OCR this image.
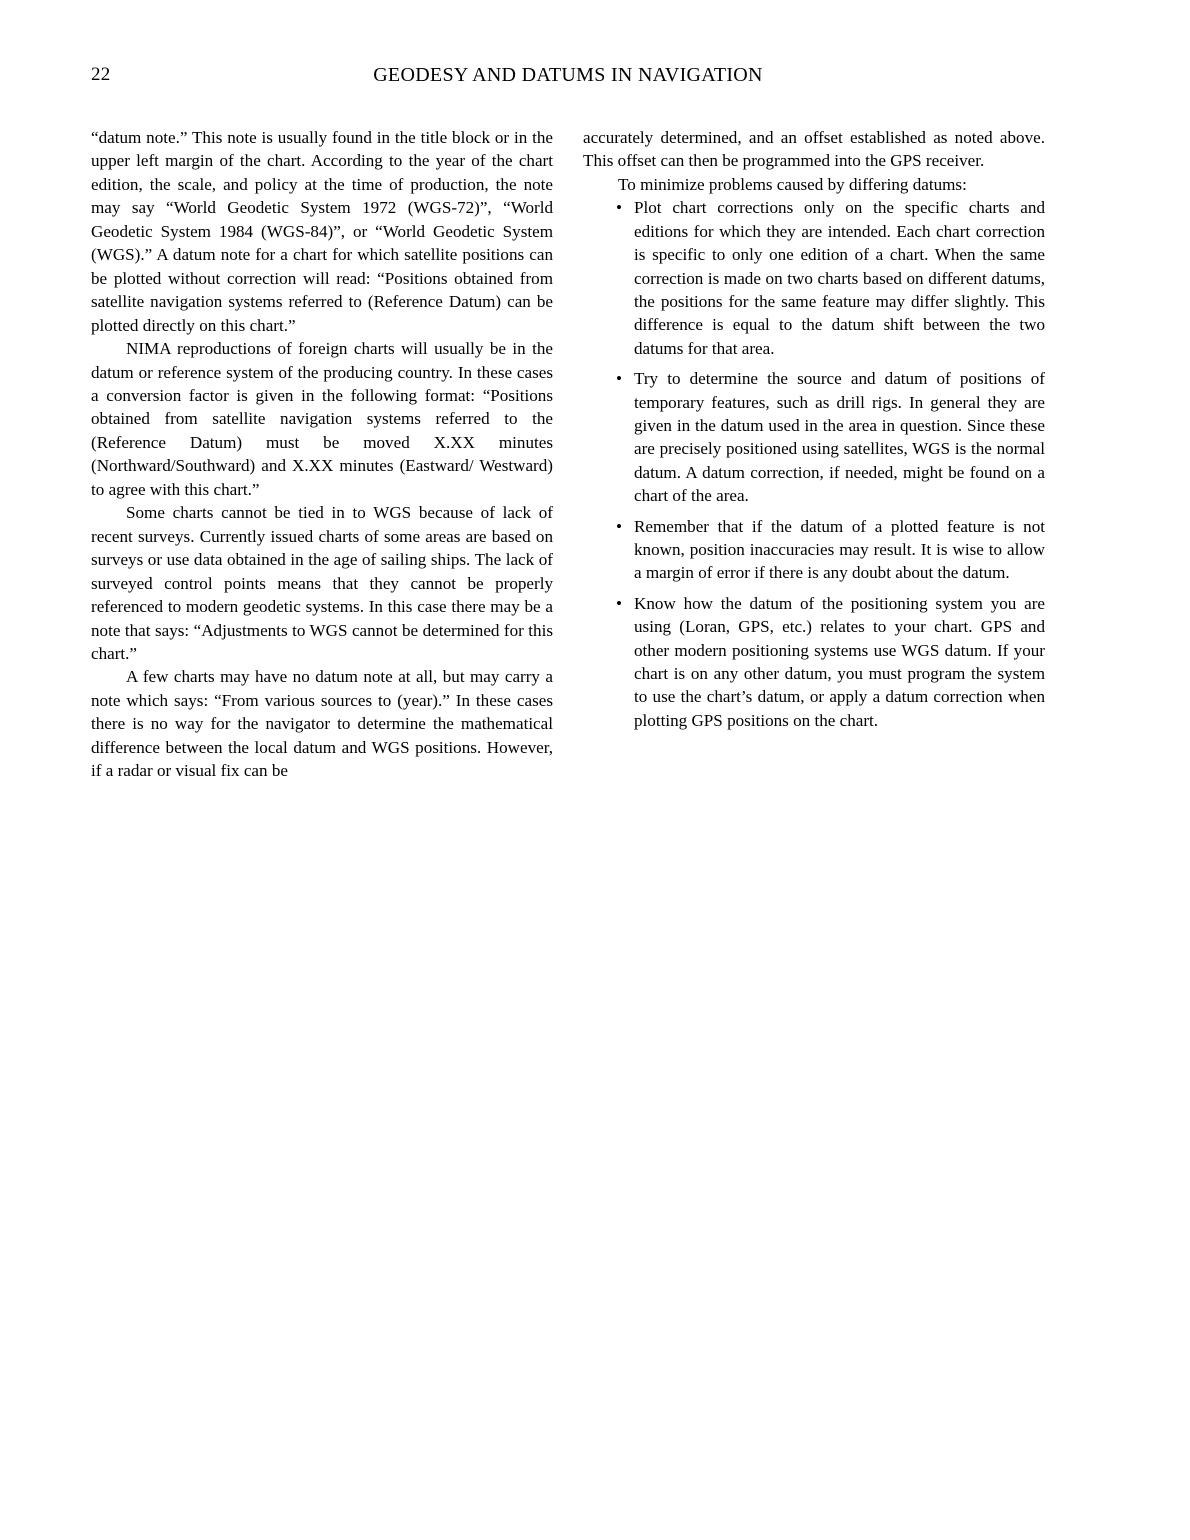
22	GEODESY AND DATUMS IN NAVIGATION

“datum note.” This note is usually found in the title block or in the upper left margin of the chart. According to the year of the chart edition, the scale, and policy at the time of production, the note may say “World Geodetic System 1972 (WGS-72)”, “World Geodetic System 1984 (WGS-84)”, or “World Geodetic System (WGS).” A datum note for a chart for which satellite positions can be plotted without correction will read: “Positions obtained from satellite navigation systems referred to (Reference Datum) can be plotted directly on this chart.”

NIMA reproductions of foreign charts will usually be in the datum or reference system of the producing country. In these cases a conversion factor is given in the following format: “Positions obtained from satellite navigation systems referred to the (Reference Datum) must be moved X.XX minutes (Northward/Southward) and X.XX minutes (Eastward/ Westward) to agree with this chart.”

Some charts cannot be tied in to WGS because of lack of recent surveys. Currently issued charts of some areas are based on surveys or use data obtained in the age of sailing ships. The lack of surveyed control points means that they cannot be properly referenced to modern geodetic systems. In this case there may be a note that says: “Adjustments to WGS cannot be determined for this chart.”

A few charts may have no datum note at all, but may carry a note which says: “From various sources to (year).” In these cases there is no way for the navigator to determine the mathematical difference between the local datum and WGS positions. However, if a radar or visual fix can be

accurately determined, and an offset established as noted above. This offset can then be programmed into the GPS receiver.

To minimize problems caused by differing datums:

• Plot chart corrections only on the specific charts and editions for which they are intended. Each chart correction is specific to only one edition of a chart. When the same correction is made on two charts based on different datums, the positions for the same feature may differ slightly. This difference is equal to the datum shift between the two datums for that area.
• Try to determine the source and datum of positions of temporary features, such as drill rigs. In general they are given in the datum used in the area in question. Since these are precisely positioned using satellites, WGS is the normal datum. A datum correction, if needed, might be found on a chart of the area.
• Remember that if the datum of a plotted feature is not known, position inaccuracies may result. It is wise to allow a margin of error if there is any doubt about the datum.
• Know how the datum of the positioning system you are using (Loran, GPS, etc.) relates to your chart. GPS and other modern positioning systems use WGS datum. If your chart is on any other datum, you must program the system to use the chart’s datum, or apply a datum correction when plotting GPS positions on the chart.
